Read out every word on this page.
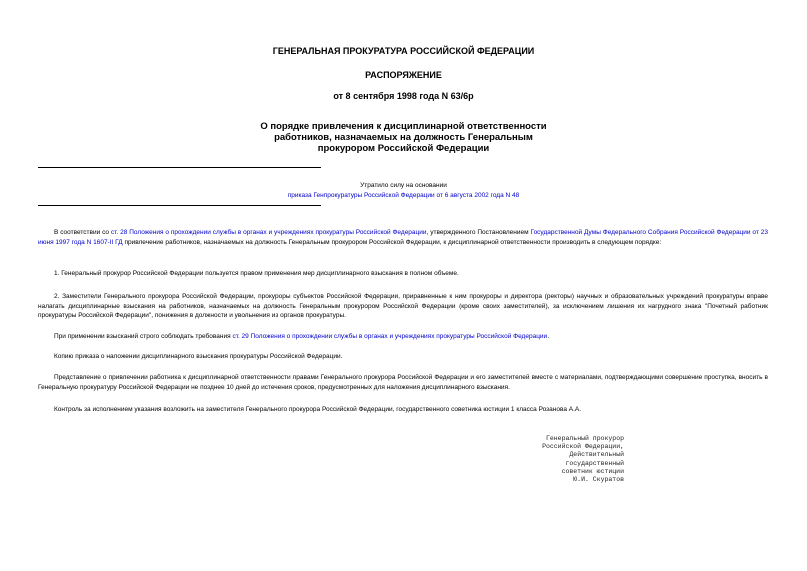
ГЕНЕРАЛЬНАЯ ПРОКУРАТУРА РОССИЙСКОЙ ФЕДЕРАЦИИ
РАСПОРЯЖЕНИЕ
от 8 сентября 1998 года N 63/6р
О порядке привлечения к дисциплинарной ответственности
работников, назначаемых на должность Генеральным
прокурором Российской Федерации
Утратило силу на основании
приказа Генпрокуратуры Российской Федерации от 6 августа 2002 года N 48

В соответствии со ст. 28 Положения о прохождении службы в органах и учреждениях прокуратуры Российской Федерации, утвержденного Постановлением Государственной Думы Федерального Собрания Российской Федерации от 23 июня 1997 года N 1607-II ГД привлечение работников, назначаемых на должность Генеральным прокурором Российской Федерации, к дисциплинарной ответственности производить в следующем порядке:

1. Генеральный прокурор Российской Федерации пользуется правом применения мер дисциплинарного взыскания в полном объеме.

2. Заместители Генерального прокурора Российской Федерации, прокуроры субъектов Российской Федерации, приравненные к ним прокуроры и директора (ректоры) научных и образовательных учреждений прокуратуры вправе налагать дисциплинарные взыскания на работников, назначаемых на должность Генеральным прокурором Российской Федерации (кроме своих заместителей), за исключением лишения их нагрудного знака "Почетный работник прокуратуры Российской Федерации", понижения в должности и увольнения из органов прокуратуры.

При применении взысканий строго соблюдать требования ст. 29 Положения о прохождении службы в органах и учреждениях прокуратуры Российской Федерации.

Копию приказа о наложении дисциплинарного взыскания прокуратуры Российской Федерации.

Представление о привлечении работника к дисциплинарной ответственности правами Генерального прокурора Российской Федерации и его заместителей вместе с материалами, подтверждающими совершение проступка, вносить в Генеральную прокуратуру Российской Федерации не позднее 10 дней до истечения сроков, предусмотренных для наложения дисциплинарного взыскания.

Контроль за исполнением указания возложить на заместителя Генерального прокурора Российской Федерации, государственного советника юстиции 1 класса Розанова А.А.

Генеральный прокурор
Российской Федерации,
Действительный
государственный
советник юстиции
Ю.И. Скуратов
